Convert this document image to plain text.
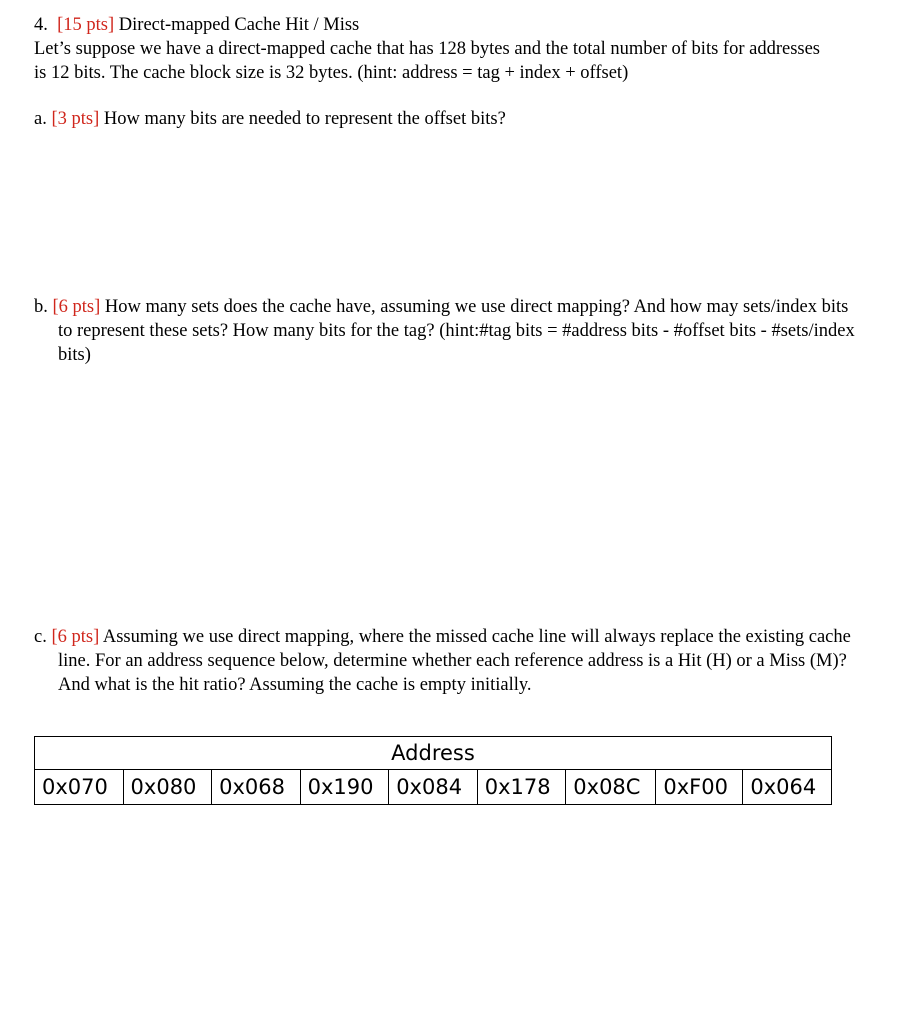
4. [15 pts] Direct-mapped Cache Hit / Miss
Let’s suppose we have a direct-mapped cache that has 128 bytes and the total number of bits for addresses is 12 bits. The cache block size is 32 bytes. (hint: address = tag + index + offset)
a. [3 pts] How many bits are needed to represent the offset bits?
b. [6 pts] How many sets does the cache have, assuming we use direct mapping? And how may sets/index bits to represent these sets? How many bits for the tag? (hint:#tag bits = #address bits - #offset bits - #sets/index bits)
c. [6 pts] Assuming we use direct mapping, where the missed cache line will always replace the existing cache line. For an address sequence below, determine whether each reference address is a Hit (H) or a Miss (M)? And what is the hit ratio? Assuming the cache is empty initially.
Address
0x070	0x080	0x068	0x190	0x084	0x178	0x08C	0xF00	0x064
